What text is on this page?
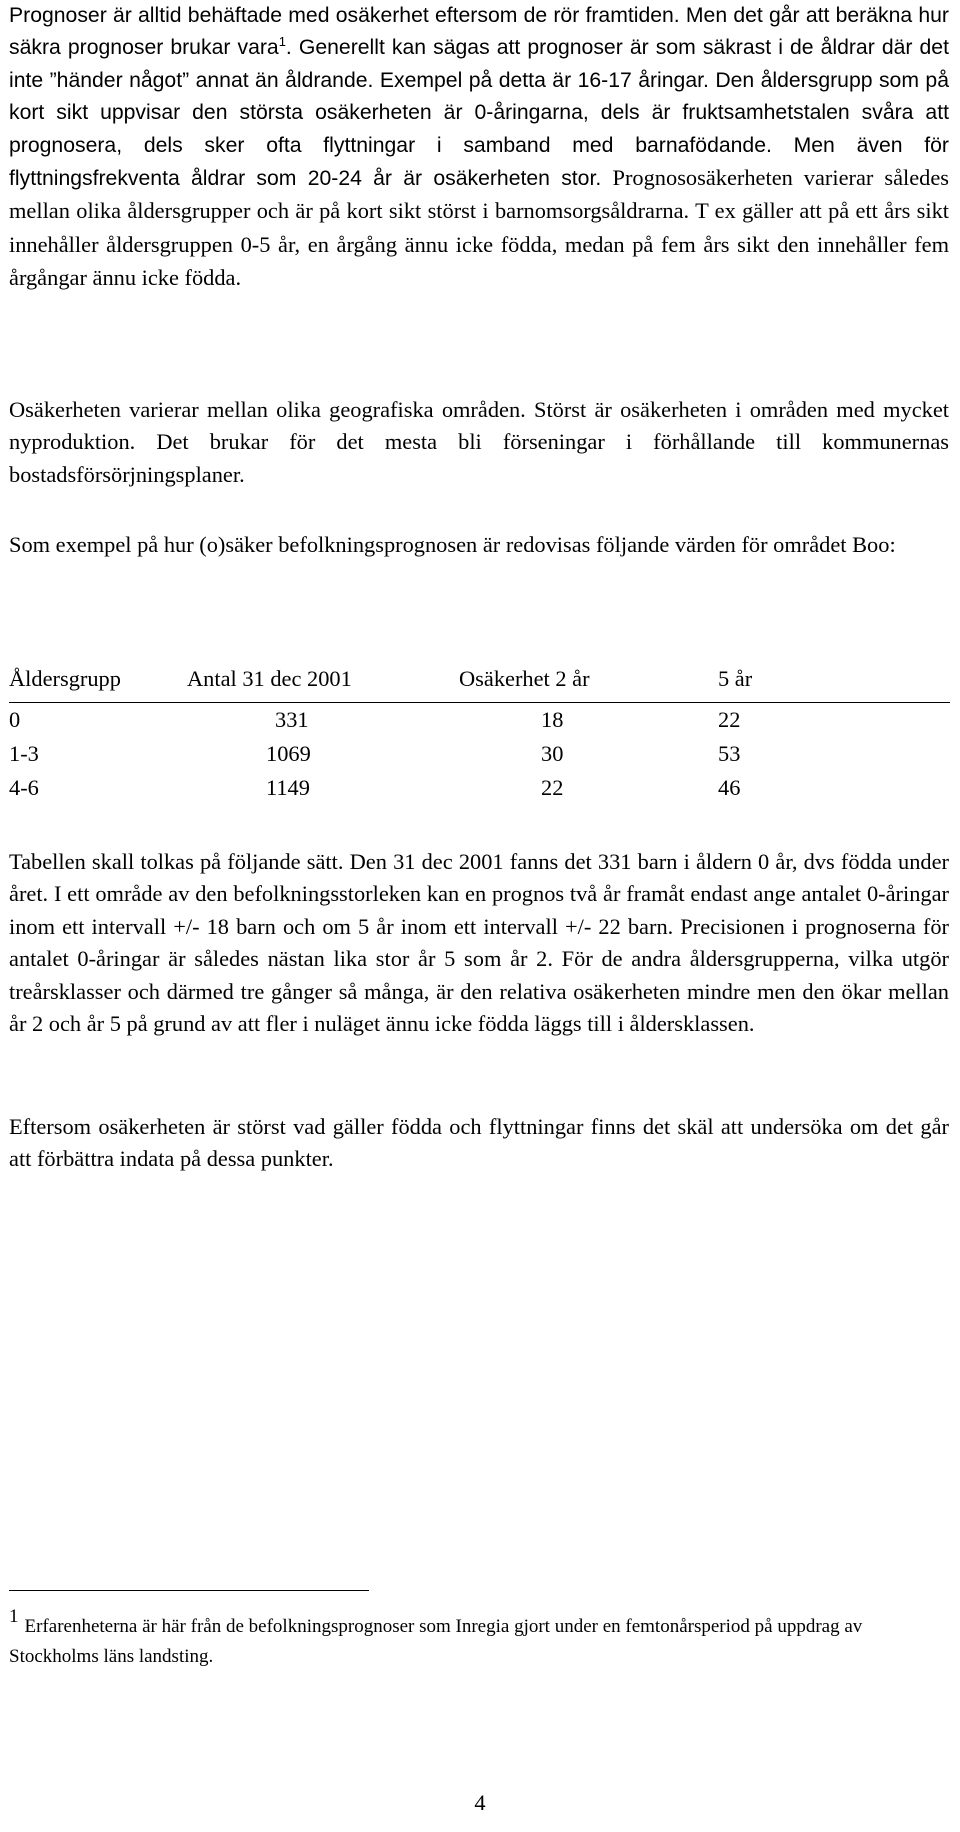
Prognoser är alltid behäftade med osäkerhet eftersom de rör framtiden. Men det går att beräkna hur säkra prognoser brukar vara$^1$. Generellt kan sägas att prognoser är som säkrast i de åldrar där det inte ”händer något” annat än åldrande. Exempel på detta är 16-17 åringar. Den åldersgrupp som på kort sikt uppvisar den största osäkerheten är 0-åringarna, dels är fruktsamhetstalen svåra att prognosera, dels sker ofta flyttningar i samband med barnafödande. Men även för flyttningsfrekventa åldrar som 20-24 år är osäkerheten stor. Prognososäkerheten varierar således mellan olika åldersgrupper och är på kort sikt störst i barnomsorgsåldrarna. T ex gäller att på ett års sikt innehåller åldersgruppen 0-5 år, en årgång ännu icke födda, medan på fem års sikt den innehåller fem årgångar ännu icke födda.

Osäkerheten varierar mellan olika geografiska områden. Störst är osäkerheten i områden med mycket nyproduktion. Det brukar för det mesta bli förseningar i förhållande till kommunernas bostadsförsörjningsplaner.

Som exempel på hur (o)säker befolkningsprognosen är redovisas följande värden för området Boo:

Åldersgrupp	Antal 31 dec 2001	Osäkerhet 2 år	5 år
0	331	18	22
1-3	1069	30	53
4-6	1149	22	46

Tabellen skall tolkas på följande sätt. Den 31 dec 2001 fanns det 331 barn i åldern 0 år, dvs födda under året. I ett område av den befolkningsstorleken kan en prognos två år framåt endast ange antalet 0-åringar inom ett intervall +/- 18 barn och om 5 år inom ett intervall +/- 22 barn. Precisionen i prognoserna för antalet 0-åringar är således nästan lika stor år 5 som år 2. För de andra åldersgrupperna, vilka utgör treårsklasser och därmed tre gånger så många, är den relativa osäkerheten mindre men den ökar mellan år 2 och år 5 på grund av att fler i nuläget ännu icke födda läggs till i åldersklassen.

Eftersom osäkerheten är störst vad gäller födda och flyttningar finns det skäl att undersöka om det går att förbättra indata på dessa punkter.

1 Erfarenheterna är här från de befolkningsprognoser som Inregia gjort under en femtonårsperiod på uppdrag av Stockholms läns landsting.

4
